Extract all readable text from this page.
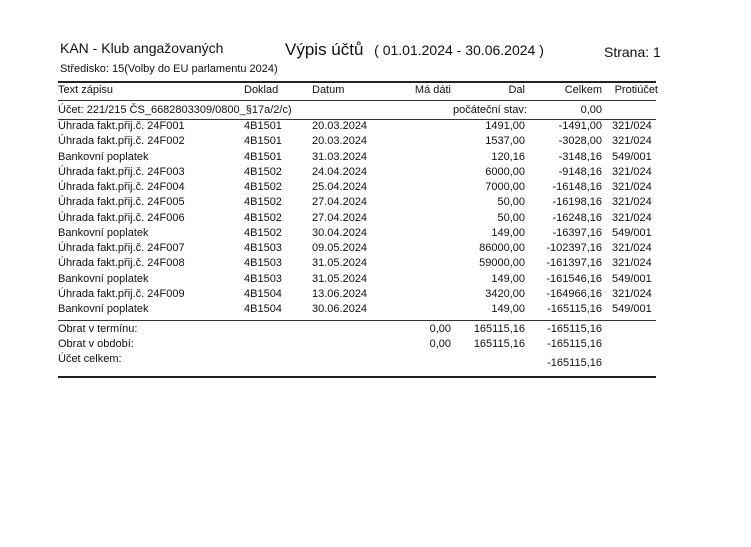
KAN - Klub angažovaných	Výpis účtů ( 01.01.2024 - 30.06.2024 )	Strana: 1
Středisko: 15(Volby do EU parlamentu 2024)
Text zápisu	Doklad	Datum	Má dáti	Dal	Celkem Protiúčet
Účet: 221/215 ČS_6682803309/0800_§17a/2/c)	počáteční stav:	0,00
Úhrada fakt.přij.č. 24F001	4B1501	20.03.2024	1491,00	-1491,00 321/024
Úhrada fakt.přij.č. 24F002	4B1501	20.03.2024	1537,00	-3028,00 321/024
Bankovní poplatek	4B1501	31.03.2024	120,16	-3148,16 549/001
Úhrada fakt.přij.č. 24F003	4B1502	24.04.2024	6000,00	-9148,16 321/024
Úhrada fakt.přij.č. 24F004	4B1502	25.04.2024	7000,00 -16148,16 321/024
Úhrada fakt.přij.č. 24F005	4B1502	27.04.2024	50,00 -16198,16 321/024
Úhrada fakt.přij.č. 24F006	4B1502	27.04.2024	50,00 -16248,16 321/024
Bankovní poplatek	4B1502	30.04.2024	149,00 -16397,16 549/001
Úhrada fakt.přij.č. 24F007	4B1503	09.05.2024	86000,00 -102397,16 321/024
Úhrada fakt.přij.č. 24F008	4B1503	31.05.2024	59000,00 -161397,16 321/024
Bankovní poplatek	4B1503	31.05.2024	149,00 -161546,16 549/001
Úhrada fakt.přij.č. 24F009	4B1504	13.06.2024	3420,00 -164966,16 321/024
Bankovní poplatek	4B1504	30.06.2024	149,00 -165115,16 549/001
Obrat v termínu:	0,00 165115,16 -165115,16
Obrat v období:	0,00 165115,16 -165115,16
Účet celkem:	-165115,16
